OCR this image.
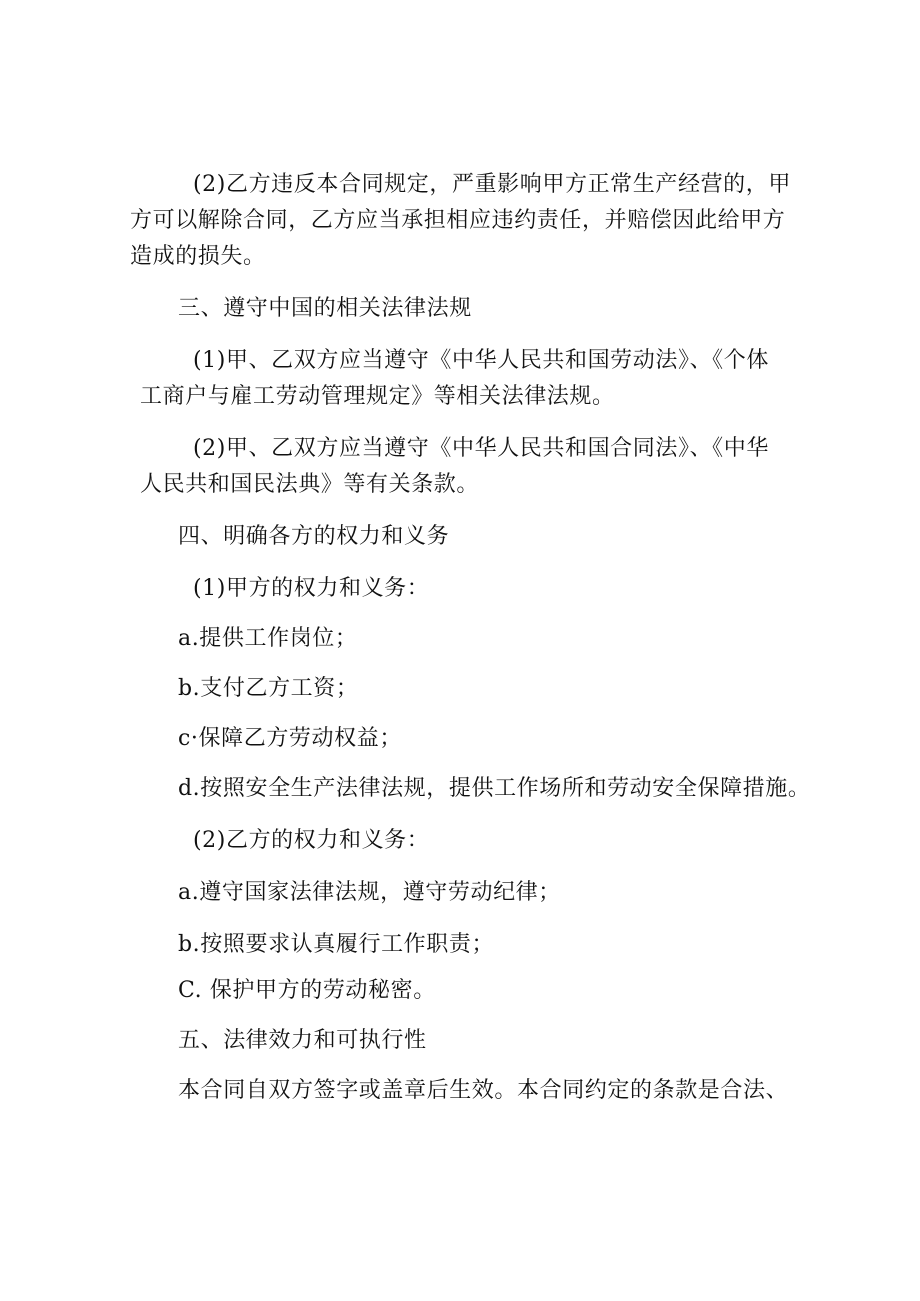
(2)乙方违反本合同规定，严重影响甲方正常生产经营的，甲
方可以解除合同，乙方应当承担相应违约责任，并赔偿因此给甲方
造成的损失。
三、遵守中国的相关法律法规
(1)甲、乙双方应当遵守《中华人民共和国劳动法》、《个体
工商户与雇工劳动管理规定》等相关法律法规。
(2)甲、乙双方应当遵守《中华人民共和国合同法》、《中华
人民共和国民法典》等有关条款。
四、明确各方的权力和义务
(1)甲方的权力和义务：
a.提供工作岗位；
b.支付乙方工资；
c·保障乙方劳动权益；
d.按照安全生产法律法规，提供工作场所和劳动安全保障措施。
(2)乙方的权力和义务：
a.遵守国家法律法规，遵守劳动纪律；
b.按照要求认真履行工作职责；
C. 保护甲方的劳动秘密。
五、法律效力和可执行性
本合同自双方签字或盖章后生效。本合同约定的条款是合法、
